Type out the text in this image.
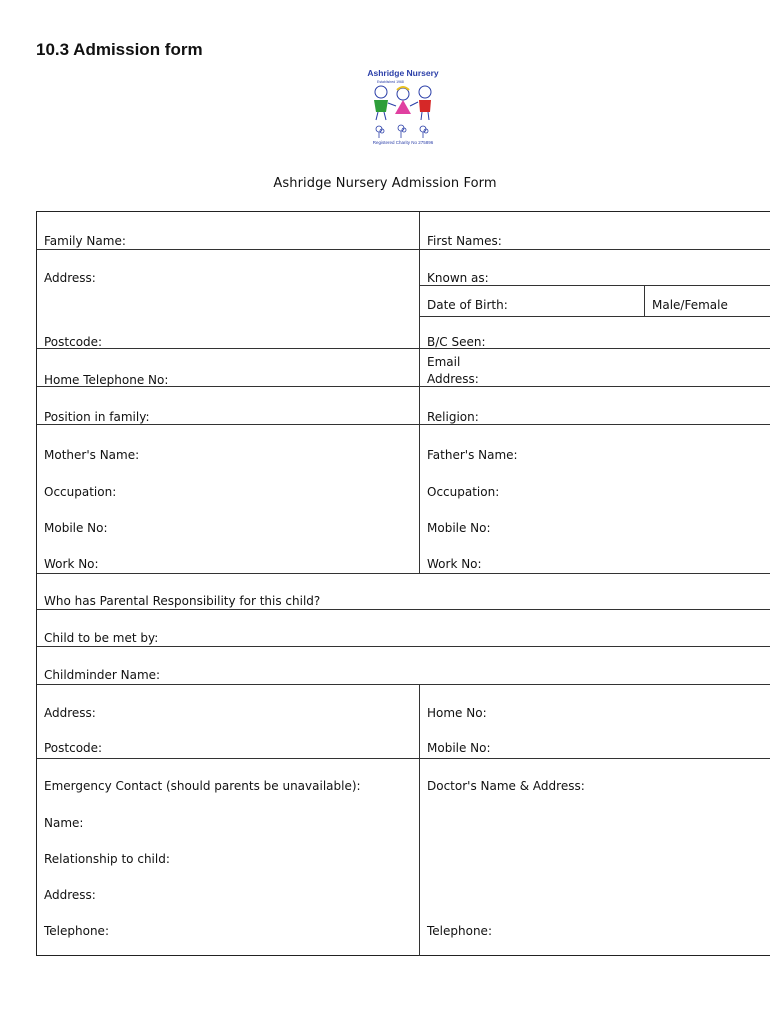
10.3 Admission form
Ashridge Nursery
Established 1968
Registered Charity No 275896
Ashridge Nursery Admission Form
Family Name:
Address:
Postcode:
Home Telephone No:
Position in family:
Mother's Name:
Occupation:
Mobile No:
Work No:
Who has Parental Responsibility for this child?
Child to be met by:
Childminder Name:
Address:
Postcode:
Emergency Contact (should parents be unavailable):
Name:
Relationship to child:
Address:
Telephone:
First Names:
Known as:
Date of Birth:	Male/Female
B/C Seen:
Email
Address:
Religion:
Father's Name:
Occupation:
Mobile No:
Work No:
Home No:
Mobile No:
Doctor's Name & Address:
Telephone:
